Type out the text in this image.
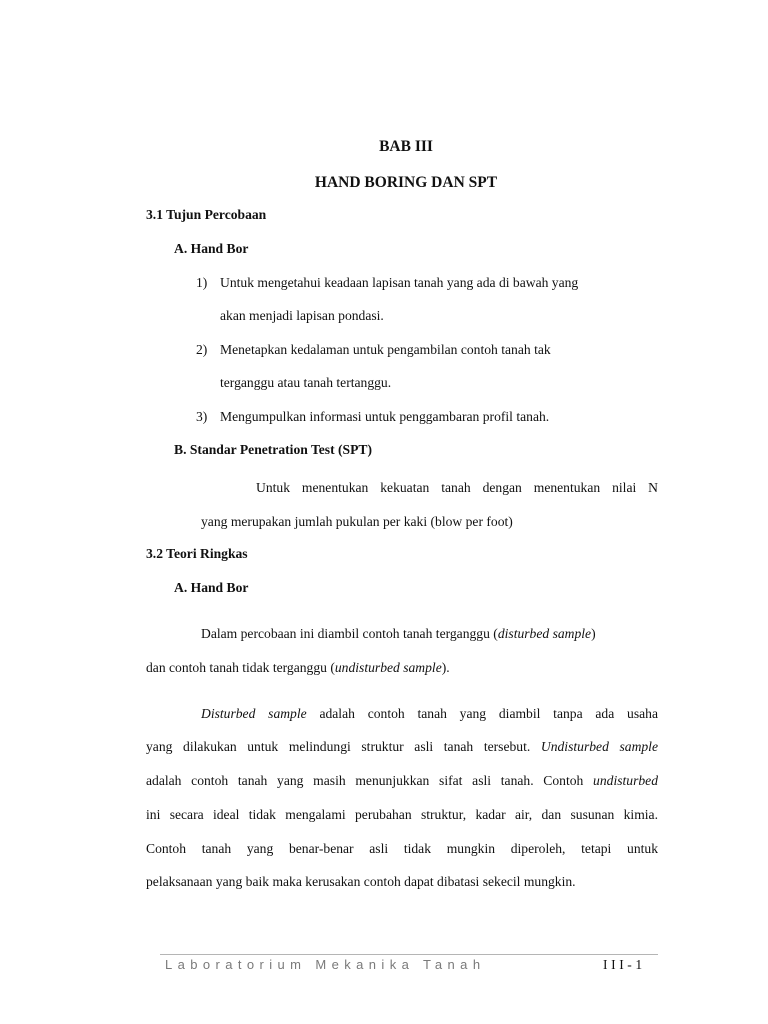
BAB III
HAND BORING DAN SPT
3.1 Tujun Percobaan
A. Hand Bor
1) Untuk mengetahui keadaan lapisan tanah yang ada di bawah yang
akan menjadi lapisan pondasi.
2) Menetapkan kedalaman untuk pengambilan contoh tanah tak
terganggu atau tanah tertanggu.
3) Mengumpulkan informasi untuk penggambaran profil tanah.
B. Standar Penetration Test (SPT)
Untuk menentukan kekuatan tanah dengan menentukan nilai N
yang merupakan jumlah pukulan per kaki (blow per foot)
3.2 Teori Ringkas
A. Hand Bor
Dalam percobaan ini diambil contoh tanah terganggu (disturbed sample)
dan contoh tanah tidak terganggu (undisturbed sample).
Disturbed sample adalah contoh tanah yang diambil tanpa ada usaha
yang dilakukan untuk melindungi struktur asli tanah tersebut. Undisturbed sample
adalah contoh tanah yang masih menunjukkan sifat asli tanah. Contoh undisturbed
ini secara ideal tidak mengalami perubahan struktur, kadar air, dan susunan kimia.
Contoh tanah yang benar-benar asli tidak mungkin diperoleh, tetapi untuk
pelaksanaan yang baik maka kerusakan contoh dapat dibatasi sekecil mungkin.
Laboratorium Mekanika Tanah	III-1
